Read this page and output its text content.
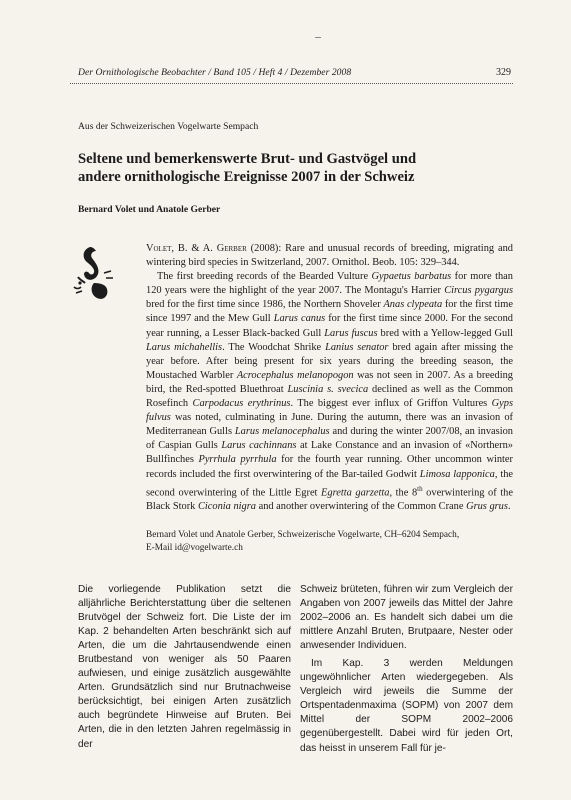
Der Ornithologische Beobachter / Band 105 / Heft 4 / Dezember 2008	329
Aus der Schweizerischen Vogelwarte Sempach
Seltene und bemerkenswerte Brut- und Gastvögel und
andere ornithologische Ereignisse 2007 in der Schweiz
Bernard Volet und Anatole Gerber

Volet, B. & A. Gerber (2008): Rare and unusual records of breeding, migrating and wintering bird species in Switzerland, 2007. Ornithol. Beob. 105: 329–344.

The first breeding records of the Bearded Vulture Gypaetus barbatus for more than 120 years were the highlight of the year 2007. The Montagu's Harrier Circus pygargus bred for the first time since 1986, the Northern Shoveler Anas clypeata for the first time since 1997 and the Mew Gull Larus canus for the first time since 2000. For the second year running, a Lesser Black-backed Gull Larus fuscus bred with a Yellow-legged Gull Larus michahellis. The Woodchat Shrike Lanius senator bred again after missing the year before. After being present for six years during the breeding season, the Moustached Warbler Acrocephalus melanopogon was not seen in 2007. As a breeding bird, the Red-spotted Bluethroat Luscinia s. svecica declined as well as the Common Rosefinch Carpodacus erythrinus. The biggest ever influx of Griffon Vultures Gyps fulvus was noted, culminating in June. During the autumn, there was an invasion of Mediterranean Gulls Larus melanocephalus and during the winter 2007/08, an invasion of Caspian Gulls Larus cachinnans at Lake Constance and an invasion of «Northern» Bullfinches Pyrrhula pyrrhula for the fourth year running. Other uncommon winter records included the first overwintering of the Bar-tailed Godwit Limosa lapponica, the second overwintering of the Little Egret Egretta garzetta, the 8th overwintering of the Black Stork Ciconia nigra and another overwintering of the Common Crane Grus grus.

Bernard Volet und Anatole Gerber, Schweizerische Vogelwarte, CH–6204 Sempach,
E-Mail id@vogelwarte.ch

Die vorliegende Publikation setzt die alljährliche Berichterstattung über die seltenen Brutvögel der Schweiz fort. Die Liste der im Kap. 2 behandelten Arten beschränkt sich auf Arten, die um die Jahrtausendwende einen Brutbestand von weniger als 50 Paaren aufwiesen, und einige zusätzlich ausgewählte Arten. Grundsätzlich sind nur Brutnachweise berücksichtigt, bei einigen Arten zusätzlich auch begründete Hinweise auf Bruten. Bei Arten, die in den letzten Jahren regelmässig in der

Schweiz brüteten, führen wir zum Vergleich der Angaben von 2007 jeweils das Mittel der Jahre 2002–2006 an. Es handelt sich dabei um die mittlere Anzahl Bruten, Brutpaare, Nester oder anwesender Individuen.

Im Kap. 3 werden Meldungen ungewöhnlicher Arten wiedergegeben. Als Vergleich wird jeweils die Summe der Ortspentadenmaxima (SOPM) von 2007 dem Mittel der SOPM 2002–2006 gegenübergestellt. Dabei wird für jeden Ort, das heisst in unserem Fall für je-
